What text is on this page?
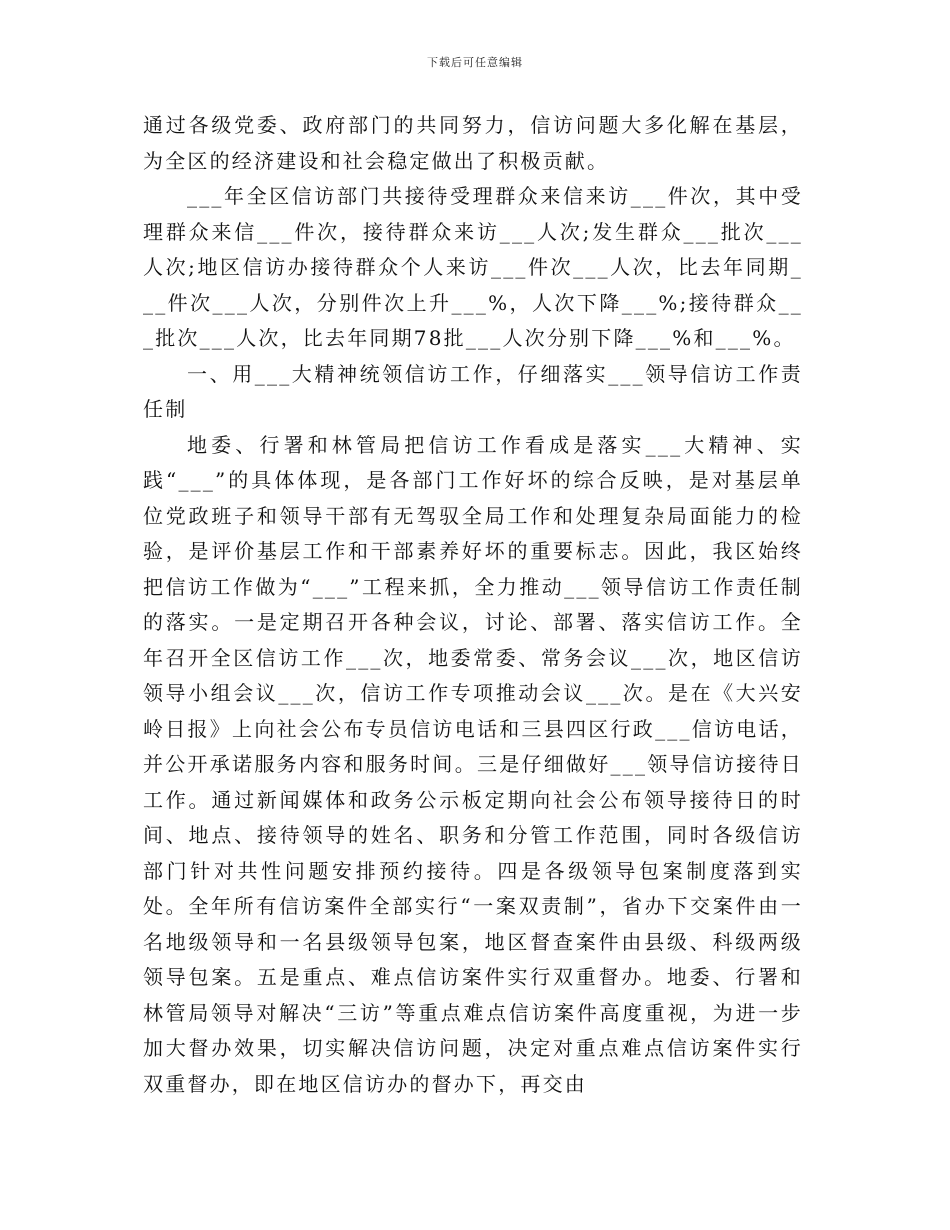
下载后可任意编辑

通过各级党委、政府部门的共同努力，信访问题大多化解在基层，为全区的经济建设和社会稳定做出了积极贡献。

___年全区信访部门共接待受理群众来信来访___件次，其中受理群众来信___件次，接待群众来访___人次;发生群众___批次___人次;地区信访办接待群众个人来访___件次___人次，比去年同期___件次___人次，分别件次上升___%，人次下降___%;接待群众___批次___人次，比去年同期78批___人次分别下降___%和___%。

一、用___大精神统领信访工作，仔细落实___领导信访工作责任制

地委、行署和林管局把信访工作看成是落实___大精神、实践“___”的具体体现，是各部门工作好坏的综合反映，是对基层单位党政班子和领导干部有无驾驭全局工作和处理复杂局面能力的检验，是评价基层工作和干部素养好坏的重要标志。因此，我区始终把信访工作做为“___”工程来抓，全力推动___领导信访工作责任制的落实。一是定期召开各种会议，讨论、部署、落实信访工作。全年召开全区信访工作___次，地委常委、常务会议___次，地区信访领导小组会议___次，信访工作专项推动会议___次。是在《大兴安岭日报》上向社会公布专员信访电话和三县四区行政___信访电话，并公开承诺服务内容和服务时间。三是仔细做好___领导信访接待日工作。通过新闻媒体和政务公示板定期向社会公布领导接待日的时间、地点、接待领导的姓名、职务和分管工作范围，同时各级信访部门针对共性问题安排预约接待。四是各级领导包案制度落到实处。全年所有信访案件全部实行“一案双责制”，省办下交案件由一名地级领导和一名县级领导包案，地区督查案件由县级、科级两级领导包案。五是重点、难点信访案件实行双重督办。地委、行署和林管局领导对解决“三访”等重点难点信访案件高度重视，为进一步加大督办效果，切实解决信访问题，决定对重点难点信访案件实行双重督办，即在地区信访办的督办下，再交由
